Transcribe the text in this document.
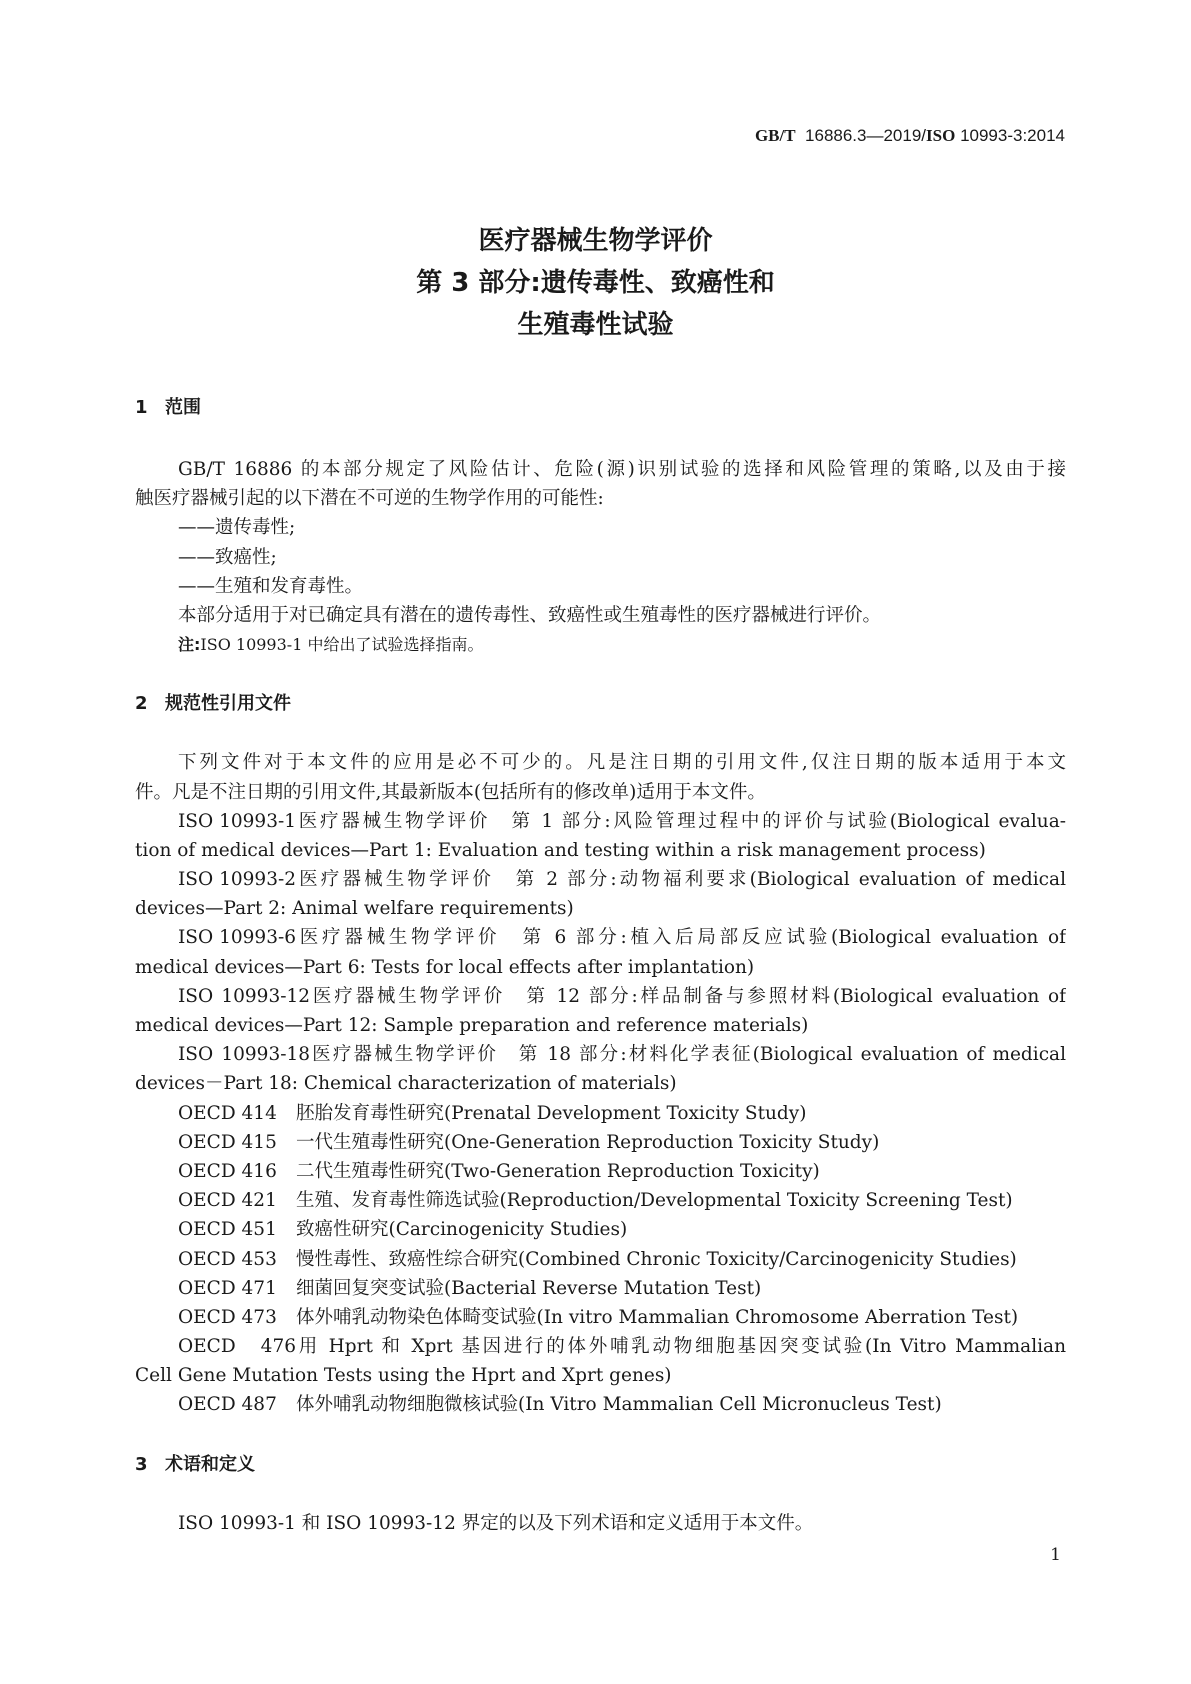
GB/T 16886.3—2019/ISO 10993-3:2014
医疗器械生物学评价
第 3 部分:遗传毒性、致癌性和
生殖毒性试验
1 范围
GB/T 16886 的本部分规定了风险估计、危险(源)识别试验的选择和风险管理的策略,以及由于接
触医疗器械引起的以下潜在不可逆的生物学作用的可能性:
——遗传毒性;
——致癌性;
——生殖和发育毒性。
本部分适用于对已确定具有潜在的遗传毒性、致癌性或生殖毒性的医疗器械进行评价。
注:ISO 10993-1 中给出了试验选择指南。
2 规范性引用文件
下列文件对于本文件的应用是必不可少的。凡是注日期的引用文件,仅注日期的版本适用于本文
件。凡是不注日期的引用文件,其最新版本(包括所有的修改单)适用于本文件。
ISO 10993-1医疗器械生物学评价　第 1 部分:风险管理过程中的评价与试验(Biological evalua-
tion of medical devices—Part 1: Evaluation and testing within a risk management process)
ISO 10993-2医疗器械生物学评价　第 2 部分:动物福利要求(Biological evaluation of medical
devices—Part 2: Animal welfare requirements)
ISO 10993-6医疗器械生物学评价　第 6 部分:植入后局部反应试验(Biological evaluation of
medical devices—Part 6: Tests for local effects after implantation)
ISO 10993-12医疗器械生物学评价　第 12 部分:样品制备与参照材料(Biological evaluation of
medical devices—Part 12: Sample preparation and reference materials)
ISO 10993-18医疗器械生物学评价　第 18 部分:材料化学表征(Biological evaluation of medical
devices－Part 18: Chemical characterization of materials)
OECD 414 胚胎发育毒性研究(Prenatal Development Toxicity Study)
OECD 415 一代生殖毒性研究(One-Generation Reproduction Toxicity Study)
OECD 416 二代生殖毒性研究(Two-Generation Reproduction Toxicity)
OECD 421 生殖、发育毒性筛选试验(Reproduction/Developmental Toxicity Screening Test)
OECD 451 致癌性研究(Carcinogenicity Studies)
OECD 453 慢性毒性、致癌性综合研究(Combined Chronic Toxicity/Carcinogenicity Studies)
OECD 471 细菌回复突变试验(Bacterial Reverse Mutation Test)
OECD 473 体外哺乳动物染色体畸变试验(In vitro Mammalian Chromosome Aberration Test)
OECD 476用 Hprt 和 Xprt 基因进行的体外哺乳动物细胞基因突变试验(In Vitro Mammalian
Cell Gene Mutation Tests using the Hprt and Xprt genes)
OECD 487 体外哺乳动物细胞微核试验(In Vitro Mammalian Cell Micronucleus Test)
3 术语和定义
ISO 10993-1 和 ISO 10993-12 界定的以及下列术语和定义适用于本文件。
1
